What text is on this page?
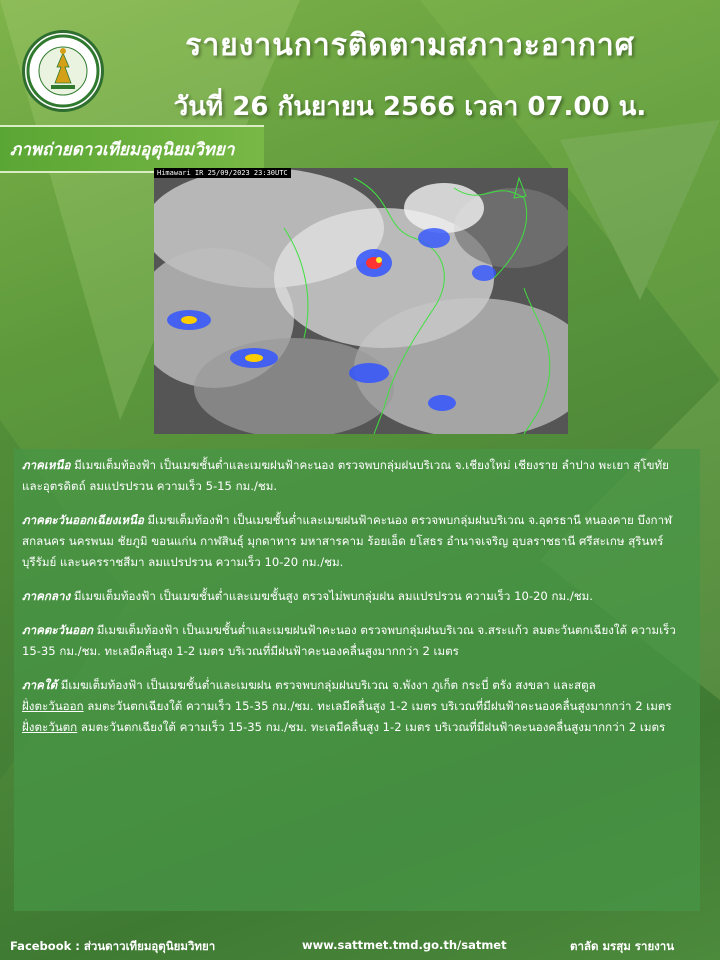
รายงานการติดตามสภาวะอากาศ
วันที่ 26 กันยายน 2566 เวลา 07.00 น.
ภาพถ่ายดาวเทียมอุตุนิยมวิทยา
Himawari IR 25/09/2023 23:30UTC

ภาคเหนือ มีเมฆเต็มท้องฟ้า เป็นเมฆชั้นต่ำและเมฆฝนฟ้าคะนอง ตรวจพบกลุ่มฝนบริเวณ จ.เชียงใหม่ เชียงราย ลำปาง พะเยา สุโขทัย และอุตรดิตถ์ ลมแปรปรวน ความเร็ว 5-15 กม./ชม.

ภาคตะวันออกเฉียงเหนือ มีเมฆเต็มท้องฟ้า เป็นเมฆชั้นต่ำและเมฆฝนฟ้าคะนอง ตรวจพบกลุ่มฝนบริเวณ จ.อุดรธานี หนองคาย บึงกาฬ สกลนคร นครพนม ชัยภูมิ ขอนแก่น กาฬสินธุ์ มุกดาหาร มหาสารคาม ร้อยเอ็ด ยโสธร อำนาจเจริญ อุบลราชธานี ศรีสะเกษ สุรินทร์ บุรีรัมย์ และนครราชสีมา ลมแปรปรวน ความเร็ว 10-20 กม./ชม.

ภาคกลาง มีเมฆเต็มท้องฟ้า เป็นเมฆชั้นต่ำและเมฆชั้นสูง ตรวจไม่พบกลุ่มฝน ลมแปรปรวน ความเร็ว 10-20 กม./ชม.

ภาคตะวันออก มีเมฆเต็มท้องฟ้า เป็นเมฆชั้นต่ำและเมฆฝนฟ้าคะนอง ตรวจพบกลุ่มฝนบริเวณ จ.สระแก้ว ลมตะวันตกเฉียงใต้ ความเร็ว 15-35 กม./ชม. ทะเลมีคลื่นสูง 1-2 เมตร บริเวณที่มีฝนฟ้าคะนองคลื่นสูงมากกว่า 2 เมตร

ภาคใต้ มีเมฆเต็มท้องฟ้า เป็นเมฆชั้นต่ำและเมฆฝน ตรวจพบกลุ่มฝนบริเวณ จ.พังงา ภูเก็ต กระบี่ ตรัง สงขลา และสตูล

ฝั่งตะวันออก ลมตะวันตกเฉียงใต้ ความเร็ว 15-35 กม./ชม. ทะเลมีคลื่นสูง 1-2 เมตร บริเวณที่มีฝนฟ้าคะนองคลื่นสูงมากกว่า 2 เมตร

ฝั่งตะวันตก ลมตะวันตกเฉียงใต้ ความเร็ว 15-35 กม./ชม. ทะเลมีคลื่นสูง 1-2 เมตร บริเวณที่มีฝนฟ้าคะนองคลื่นสูงมากกว่า 2 เมตร

Facebook : ส่วนดาวเทียมอุตุนิยมวิทยา	www.sattmet.tmd.go.th/satmet	ตาลัด มรสุม รายงาน
